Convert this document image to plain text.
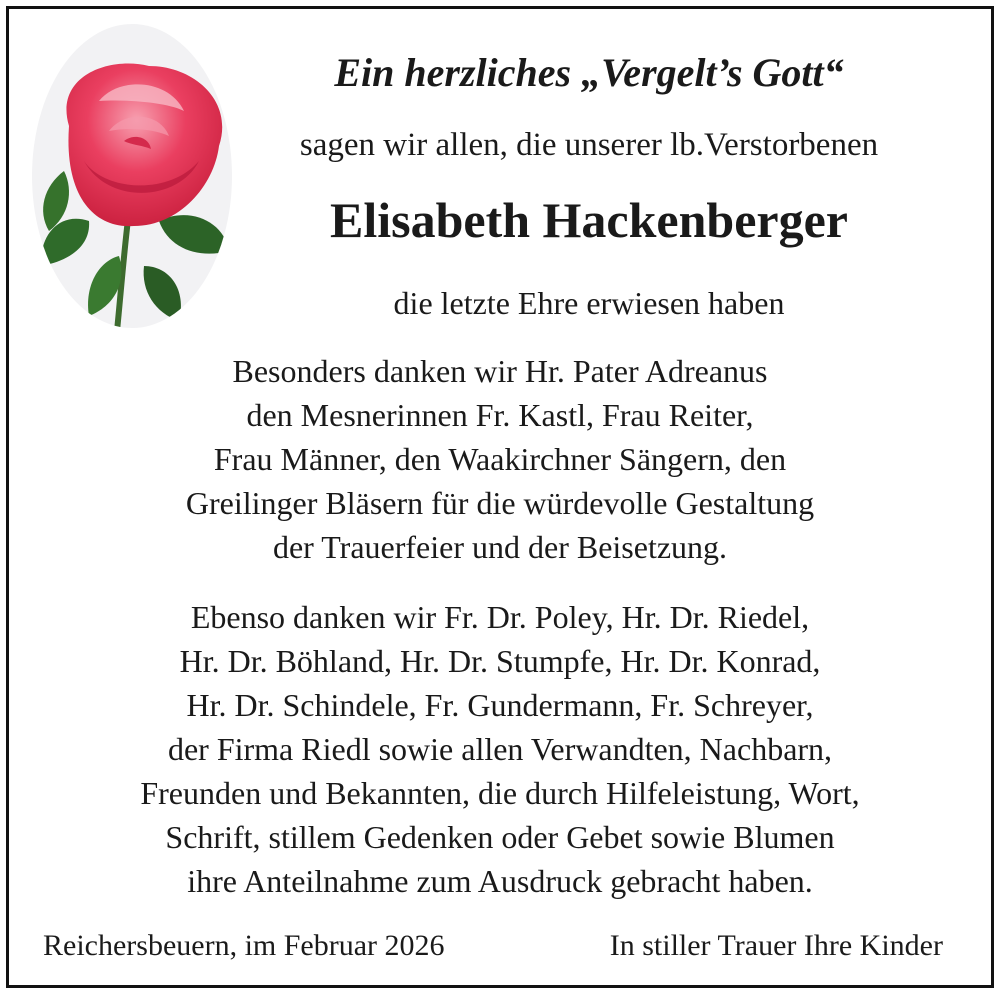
Ein herzliches „Vergelt’s Gott“
sagen wir allen, die unserer lb.Verstorbenen
Elisabeth Hackenberger
die letzte Ehre erwiesen haben
Besonders danken wir Hr. Pater Adreanus
den Mesnerinnen Fr. Kastl, Frau Reiter,
Frau Männer, den Waakirchner Sängern, den
Greilinger Bläsern für die würdevolle Gestaltung
der Trauerfeier und der Beisetzung.
Ebenso danken wir Fr. Dr. Poley, Hr. Dr. Riedel,
Hr. Dr. Böhland, Hr. Dr. Stumpfe, Hr. Dr. Konrad,
Hr. Dr. Schindele, Fr. Gundermann, Fr. Schreyer,
der Firma Riedl sowie allen Verwandten, Nachbarn,
Freunden und Bekannten, die durch Hilfeleistung, Wort,
Schrift, stillem Gedenken oder Gebet sowie Blumen
ihre Anteilnahme zum Ausdruck gebracht haben.
Reichersbeuern, im Februar 2026	In stiller Trauer Ihre Kinder
